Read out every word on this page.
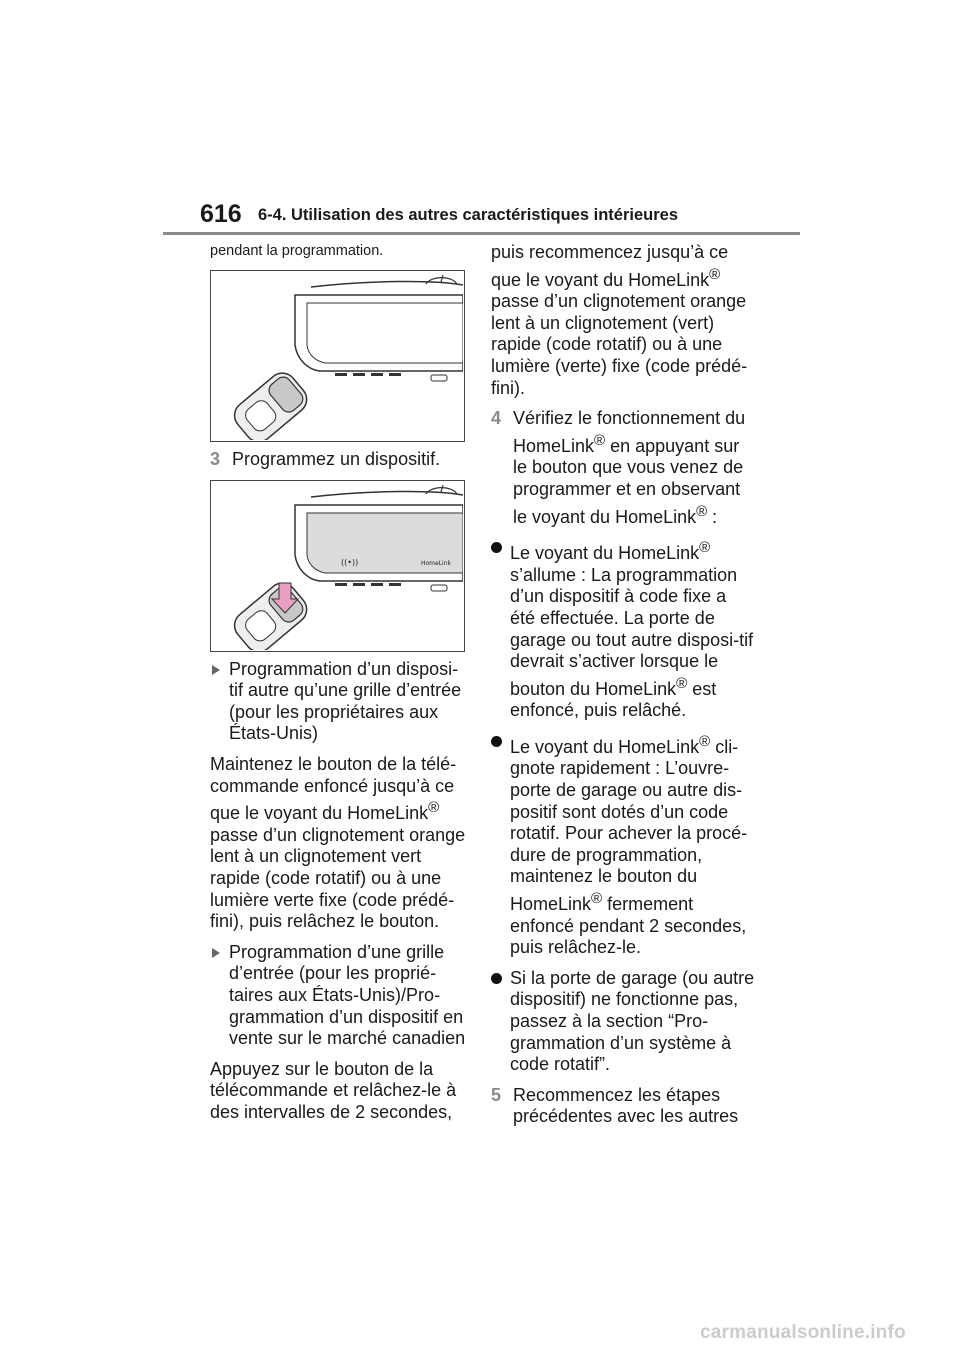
616 6-4. Utilisation des autres caractéristiques intérieures

pendant la programmation.

3 Programmez un dispositif.
((•))	HomeLink
Programmation d’un disposi-tif autre qu’une grille d’entrée (pour les propriétaires aux États-Unis)

Maintenez le bouton de la télé-commande enfoncé jusqu’à ce que le voyant du HomeLink® passe d’un clignotement orange lent à un clignotement vert rapide (code rotatif) ou à une lumière verte fixe (code prédé-fini), puis relâchez le bouton.

Programmation d’une grille d’entrée (pour les proprié-taires aux États-Unis)/Pro-grammation d’un dispositif en vente sur le marché canadien

Appuyez sur le bouton de la télécommande et relâchez-le à des intervalles de 2 secondes,

puis recommencez jusqu’à ce que le voyant du HomeLink® passe d’un clignotement orange lent à un clignotement (vert) rapide (code rotatif) ou à une lumière (verte) fixe (code prédé-fini).

4 Vérifiez le fonctionnement du HomeLink® en appuyant sur le bouton que vous venez de programmer et en observant le voyant du HomeLink® :
Le voyant du HomeLink® s’allume : La programmation d’un dispositif à code fixe a été effectuée. La porte de garage ou tout autre disposi-tif devrait s’activer lorsque le bouton du HomeLink® est enfoncé, puis relâché.
Le voyant du HomeLink® cli-gnote rapidement : L’ouvre-porte de garage ou autre dis-positif sont dotés d’un code rotatif. Pour achever la procé-dure de programmation, maintenez le bouton du HomeLink® fermement enfoncé pendant 2 secondes, puis relâchez-le.
Si la porte de garage (ou autre dispositif) ne fonctionne pas, passez à la section “Pro-grammation d’un système à code rotatif”.
5 Recommencez les étapes précédentes avec les autres
carmanualsonline.info
